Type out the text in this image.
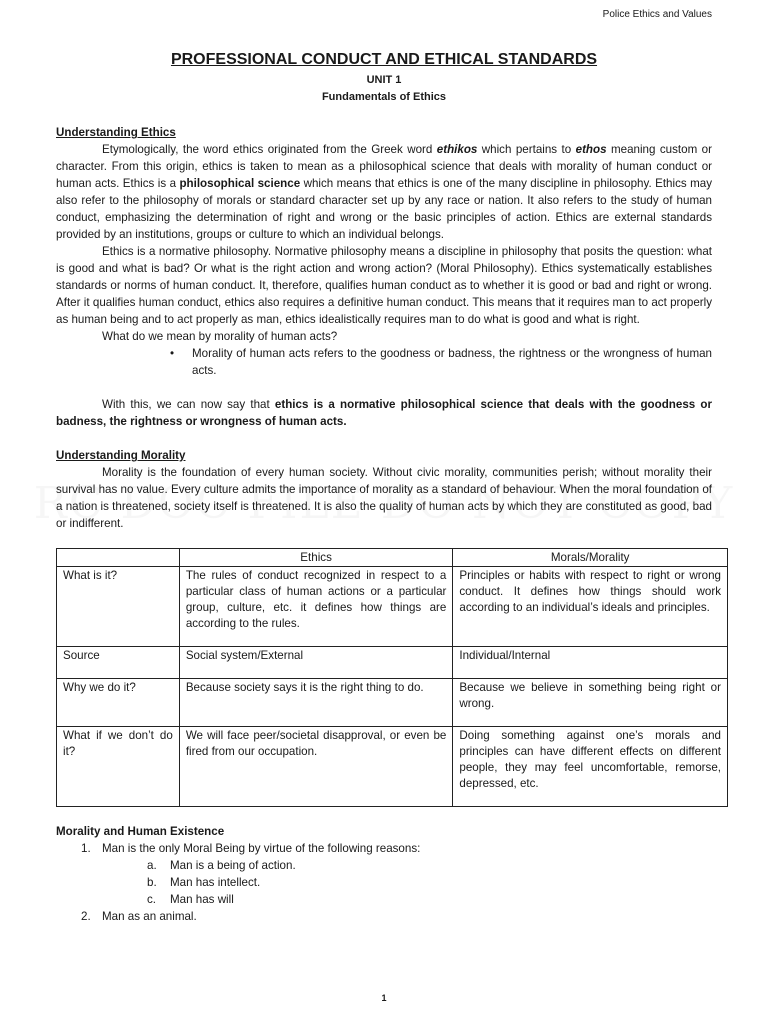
Police Ethics and Values
PROFESSIONAL CONDUCT AND ETHICAL STANDARDS
UNIT 1
Fundamentals of Ethics
Understanding Ethics

Etymologically, the word ethics originated from the Greek word ethikos which pertains to ethos meaning custom or character. From this origin, ethics is taken to mean as a philosophical science that deals with morality of human conduct or human acts. Ethics is a philosophical science which means that ethics is one of the many discipline in philosophy. Ethics may also refer to the philosophy of morals or standard character set up by any race or nation. It also refers to the study of human conduct, emphasizing the determination of right and wrong or the basic principles of action. Ethics are external standards provided by an institutions, groups or culture to which an individual belongs.

Ethics is a normative philosophy. Normative philosophy means a discipline in philosophy that posits the question: what is good and what is bad? Or what is the right action and wrong action? (Moral Philosophy). Ethics systematically establishes standards or norms of human conduct. It, therefore, qualifies human conduct as to whether it is good or bad and right or wrong. After it qualifies human conduct, ethics also requires a definitive human conduct. This means that it requires man to act properly as human being and to act properly as man, ethics idealistically requires man to do what is good and what is right.

What do we mean by morality of human acts?

• Morality of human acts refers to the goodness or badness, the rightness or the wrongness of human acts.

With this, we can now say that ethics is a normative philosophical science that deals with the goodness or badness, the rightness or wrongness of human acts.

Understanding Morality

Morality is the foundation of every human society. Without civic morality, communities perish; without morality their survival has no value. Every culture admits the importance of morality as a standard of behaviour. When the moral foundation of a nation is threatened, society itself is threatened. It is also the quality of human acts by which they are constituted as good, bad or indifferent.

	Ethics	Morals/Morality
What is it?	The rules of conduct recognized in respect to a particular class of human actions or a particular group, culture, etc. it defines how things are according to the rules.	Principles or habits with respect to right or wrong conduct. It defines how things should work according to an individual’s ideals and principles.
Source	Social system/External	Individual/Internal
Why we do it?	Because society says it is the right thing to do.	Because we believe in something being right or wrong.
What if we don’t do it?	We will face peer/societal disapproval, or even be fired from our occupation.	Doing something against one’s morals and principles can have different effects on different people, they may feel uncomfortable, remorse, depressed, etc.
Morality and Human Existence
1. Man is the only Moral Being by virtue of the following reasons:
a. Man is a being of action.
b. Man has intellect.
c. Man has will
2. Man as an animal.
1
